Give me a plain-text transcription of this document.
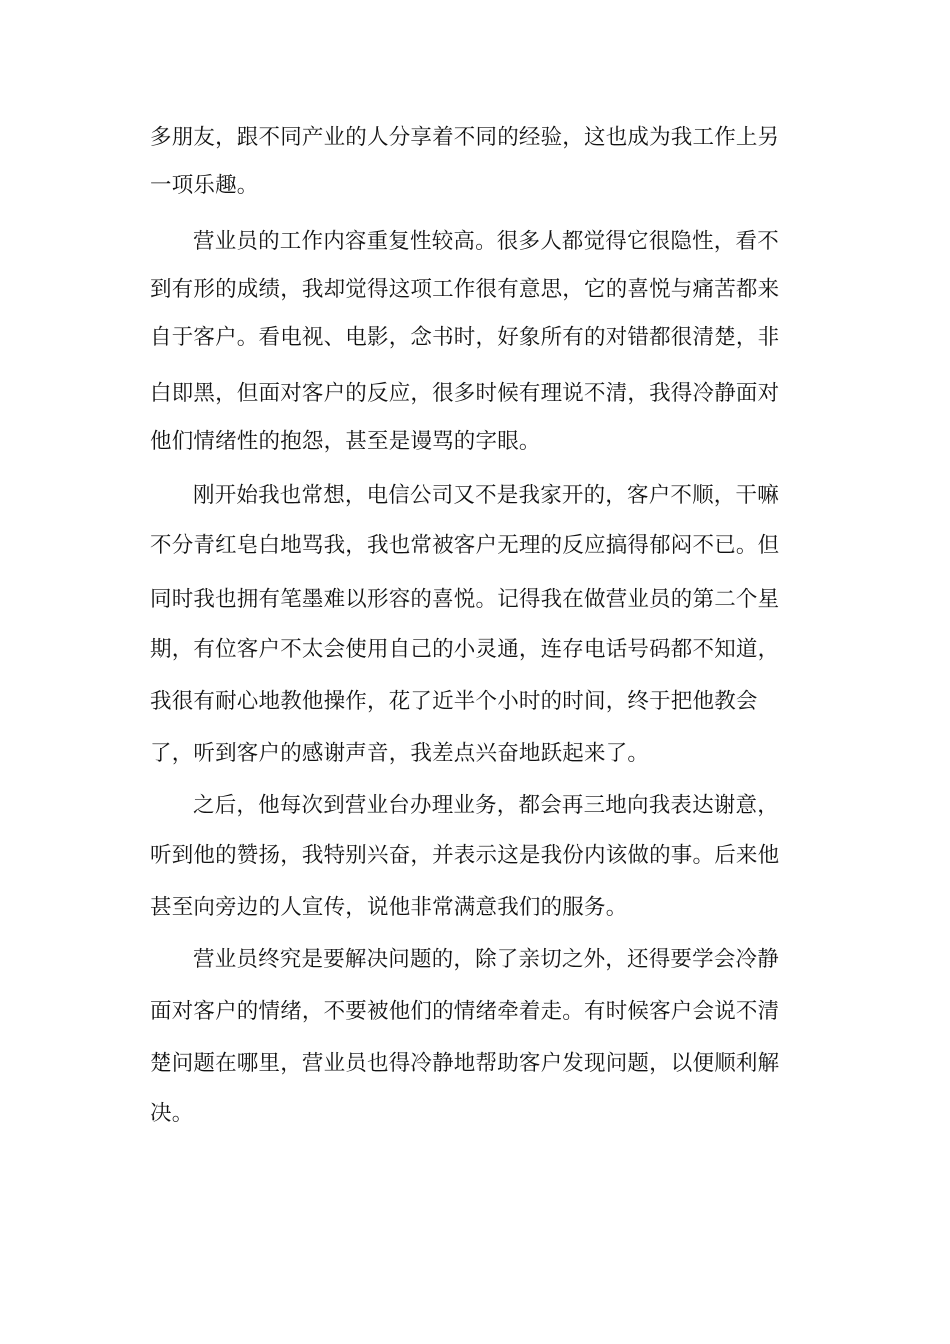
多朋友，跟不同产业的人分享着不同的经验，这也成为我工作上另
一项乐趣。
营业员的工作内容重复性较高。很多人都觉得它很隐性，看不
到有形的成绩，我却觉得这项工作很有意思，它的喜悦与痛苦都来
自于客户。看电视、电影，念书时，好象所有的对错都很清楚，非
白即黑，但面对客户的反应，很多时候有理说不清，我得冷静面对
他们情绪性的抱怨，甚至是谩骂的字眼。
刚开始我也常想，电信公司又不是我家开的，客户不顺，干嘛
不分青红皂白地骂我，我也常被客户无理的反应搞得郁闷不已。但
同时我也拥有笔墨难以形容的喜悦。记得我在做营业员的第二个星
期，有位客户不太会使用自己的小灵通，连存电话号码都不知道，
我很有耐心地教他操作，花了近半个小时的时间，终于把他教会
了，听到客户的感谢声音，我差点兴奋地跃起来了。
之后，他每次到营业台办理业务，都会再三地向我表达谢意，
听到他的赞扬，我特别兴奋，并表示这是我份内该做的事。后来他
甚至向旁边的人宣传，说他非常满意我们的服务。
营业员终究是要解决问题的，除了亲切之外，还得要学会冷静
面对客户的情绪，不要被他们的情绪牵着走。有时候客户会说不清
楚问题在哪里，营业员也得冷静地帮助客户发现问题，以便顺利解
决。
